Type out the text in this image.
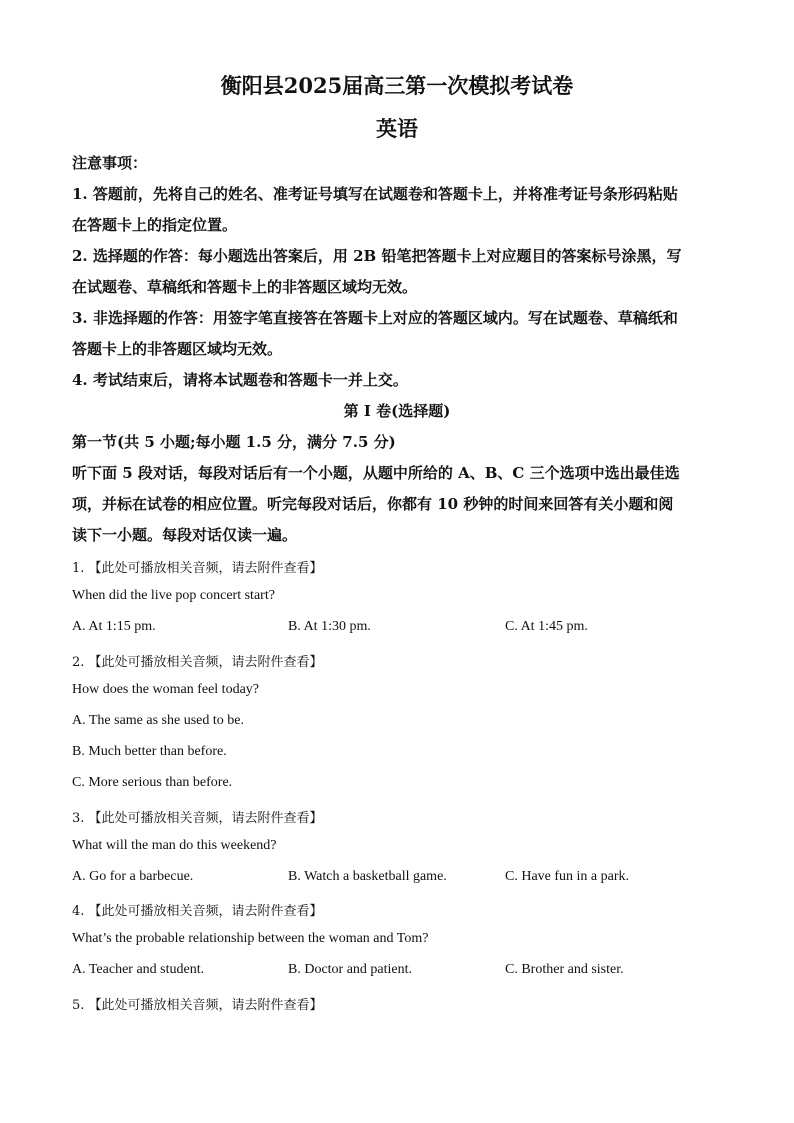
衡阳县2025届高三第一次模拟考试卷
英语
注意事项：
1. 答题前，先将自己的姓名、准考证号填写在试题卷和答题卡上，并将准考证号条形码粘贴
在答题卡上的指定位置。
2. 选择题的作答：每小题选出答案后，用 2B 铅笔把答题卡上对应题目的答案标号涂黑，写
在试题卷、草稿纸和答题卡上的非答题区域均无效。
3. 非选择题的作答：用签字笔直接答在答题卡上对应的答题区域内。写在试题卷、草稿纸和
答题卡上的非答题区域均无效。
4. 考试结束后，请将本试题卷和答题卡一并上交。
第 I 卷(选择题)
第一节(共 5 小题;每小题 1.5 分，满分 7.5 分)
听下面 5 段对话，每段对话后有一个小题，从题中所给的 A、B、C 三个选项中选出最佳选
项，并标在试卷的相应位置。听完每段对话后，你都有 10 秒钟的时间来回答有关小题和阅
读下一小题。每段对话仅读一遍。
1. 【此处可播放相关音频，请去附件查看】
When did the live pop concert start?
A. At 1:15 pm.	B. At 1:30 pm.	C. At 1:45 pm.
2. 【此处可播放相关音频，请去附件查看】
How does the woman feel today?
A. The same as she used to be.
B. Much better than before.
C. More serious than before.
3. 【此处可播放相关音频，请去附件查看】
What will the man do this weekend?
A. Go for a barbecue.	B. Watch a basketball game.	C. Have fun in a park.
4. 【此处可播放相关音频，请去附件查看】
What’s the probable relationship between the woman and Tom?
A. Teacher and student.	B. Doctor and patient.	C. Brother and sister.
5. 【此处可播放相关音频，请去附件查看】
